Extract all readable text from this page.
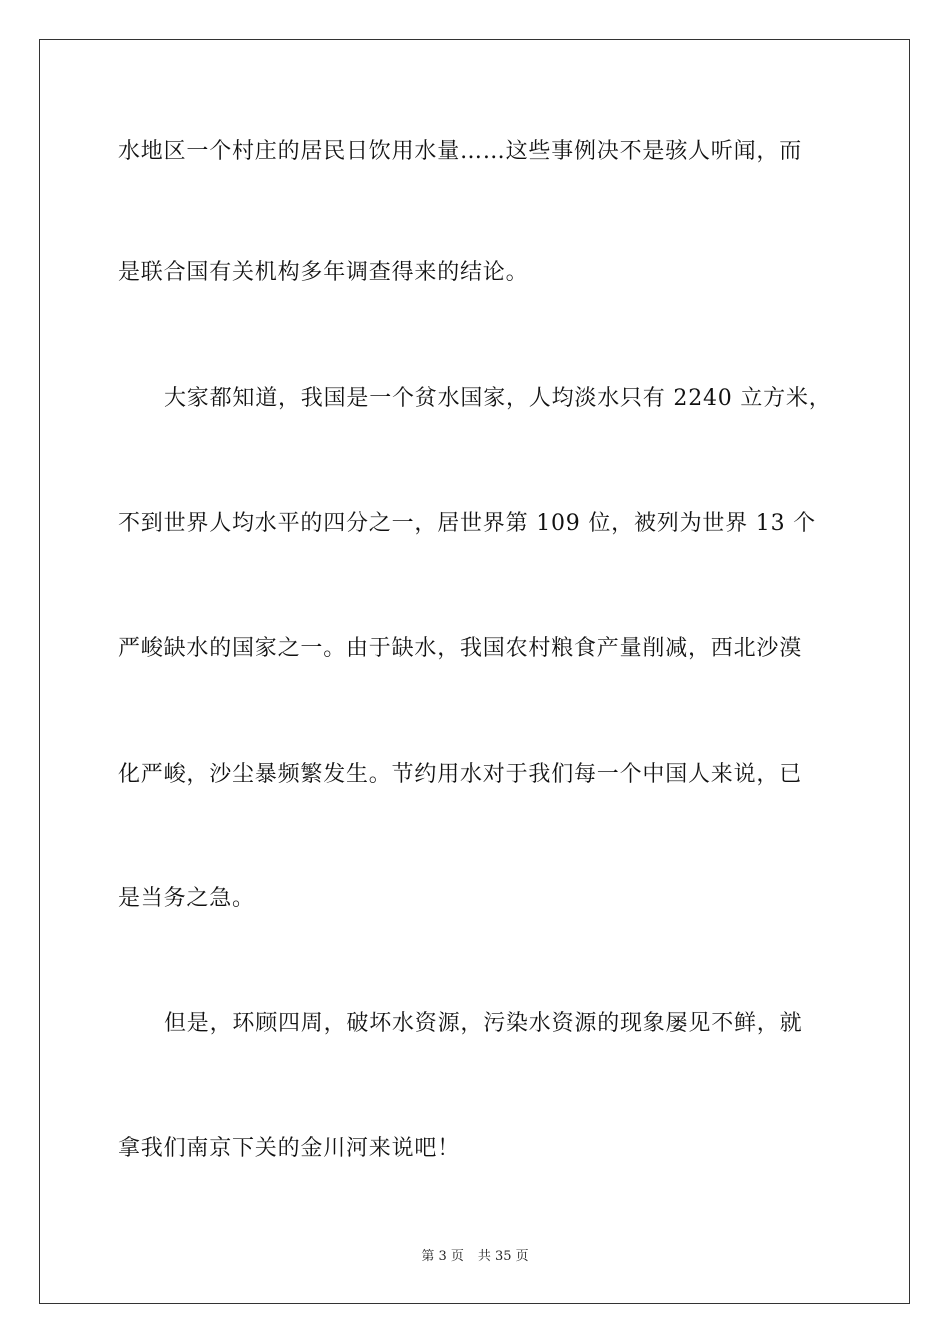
水地区一个村庄的居民日饮用水量……这些事例决不是骇人听闻，而
是联合国有关机构多年调查得来的结论。
大家都知道，我国是一个贫水国家，人均淡水只有 2240 立方米，
不到世界人均水平的四分之一，居世界第 109 位，被列为世界 13 个
严峻缺水的国家之一。由于缺水，我国农村粮食产量削减，西北沙漠
化严峻，沙尘暴频繁发生。节约用水对于我们每一个中国人来说，已
是当务之急。
但是，环顾四周，破坏水资源，污染水资源的现象屡见不鲜，就
拿我们南京下关的金川河来说吧！
第 3 页 共 35 页
